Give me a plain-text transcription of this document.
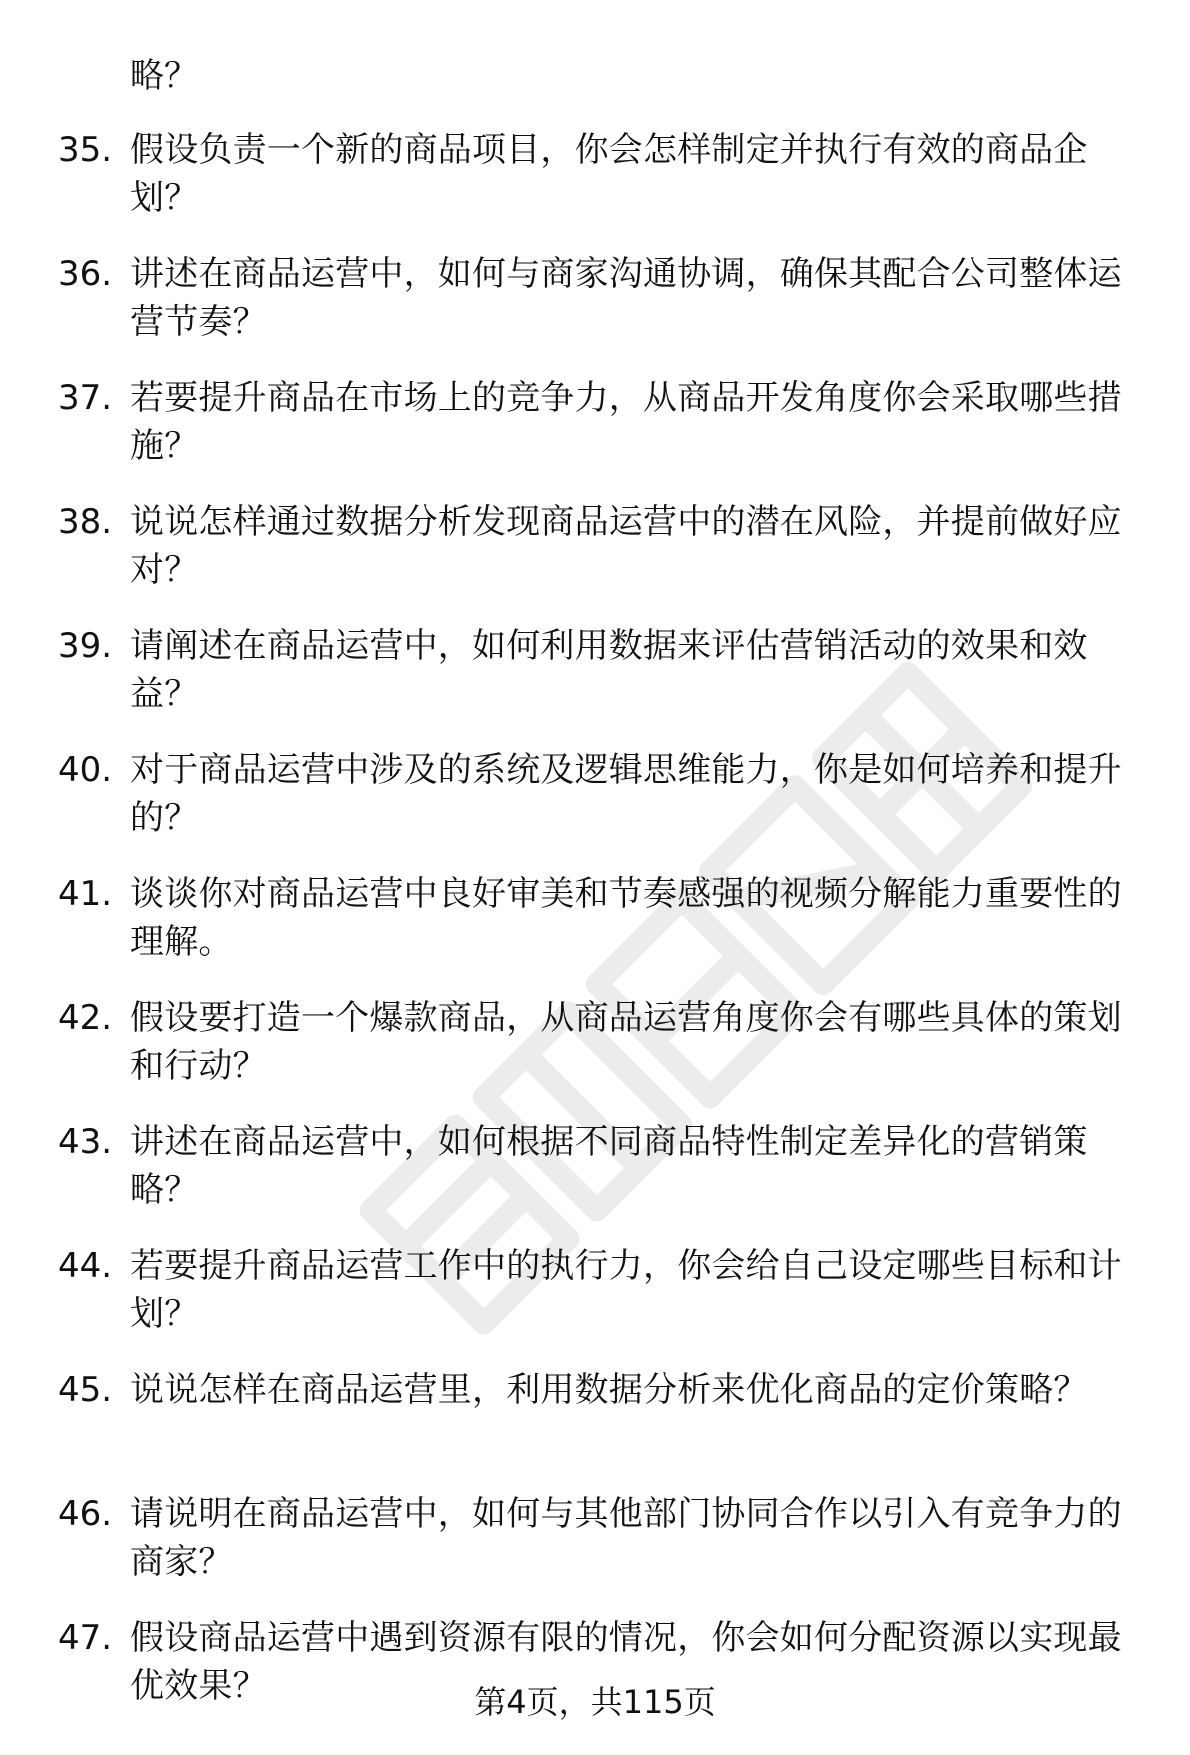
略？
35. 假设负责一个新的商品项目，你会怎样制定并执行有效的商品企划？
36. 讲述在商品运营中，如何与商家沟通协调，确保其配合公司整体运营节奏？
37. 若要提升商品在市场上的竞争力，从商品开发角度你会采取哪些措施？
38. 说说怎样通过数据分析发现商品运营中的潜在风险，并提前做好应对？
39. 请阐述在商品运营中，如何利用数据来评估营销活动的效果和效益？
40. 对于商品运营中涉及的系统及逻辑思维能力，你是如何培养和提升的？
41. 谈谈你对商品运营中良好审美和节奏感强的视频分解能力重要性的理解。
42. 假设要打造一个爆款商品，从商品运营角度你会有哪些具体的策划和行动？
43. 讲述在商品运营中，如何根据不同商品特性制定差异化的营销策略？
44. 若要提升商品运营工作中的执行力，你会给自己设定哪些目标和计划？
45. 说说怎样在商品运营里，利用数据分析来优化商品的定价策略？
46. 请说明在商品运营中，如何与其他部门协同合作以引入有竞争力的商家？
47. 假设商品运营中遇到资源有限的情况，你会如何分配资源以实现最优效果？	第4页，共115页
